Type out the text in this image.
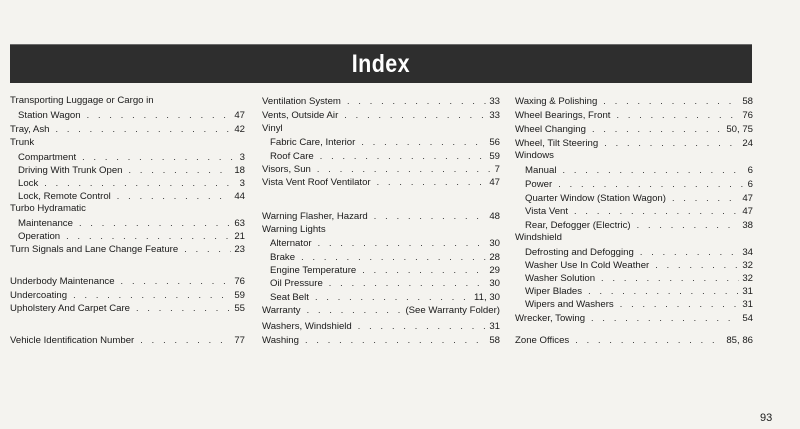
Index
Transporting Luggage or Cargo in
Station Wagon . . .	47
Tray, Ash . . .	42
Trunk
Compartment . . .	3
Driving With Trunk Open . . .	18
Lock . . .	3
Lock, Remote Control . . .	44
Turbo Hydramatic
Maintenance . . .	63
Operation . . .	21
Turn Signals and Lane Change Feature . . .	23
Underbody Maintenance . . .	76
Undercoating . . .	59
Upholstery And Carpet Care . . .	55
Vehicle Identification Number . . .	77
Ventilation System . . .	33
Vents, Outside Air . . .	33
Vinyl
Fabric Care, Interior . . .	56
Roof Care . . .	59
Visors, Sun . . .	7
Vista Vent Roof Ventilator . . .	47
Warning Flasher, Hazard . . .	48
Warning Lights
Alternator . . .	30
Brake . . .	28
Engine Temperature . . .	29
Oil Pressure . . .	30
Seat Belt . . .	11, 30
Warranty . . .	(See Warranty Folder)
Washers, Windshield . . .	31
Washing . . .	58
Waxing & Polishing . . .	58
Wheel Bearings, Front . . .	76
Wheel Changing . . .	50, 75
Wheel, Tilt Steering . . .	24
Windows
Manual . . .	6
Power . . .	6
Quarter Window (Station Wagon) . . .	47
Vista Vent . . .	47
Rear, Defogger (Electric) . . .	38
Windshield
Defrosting and Defogging . . .	34
Washer Use In Cold Weather . . .	32
Washer Solution . . .	32
Wiper Blades . . .	31
Wipers and Washers . . .	31
Wrecker, Towing . . .	54
Zone Offices . . .	85, 86
93
